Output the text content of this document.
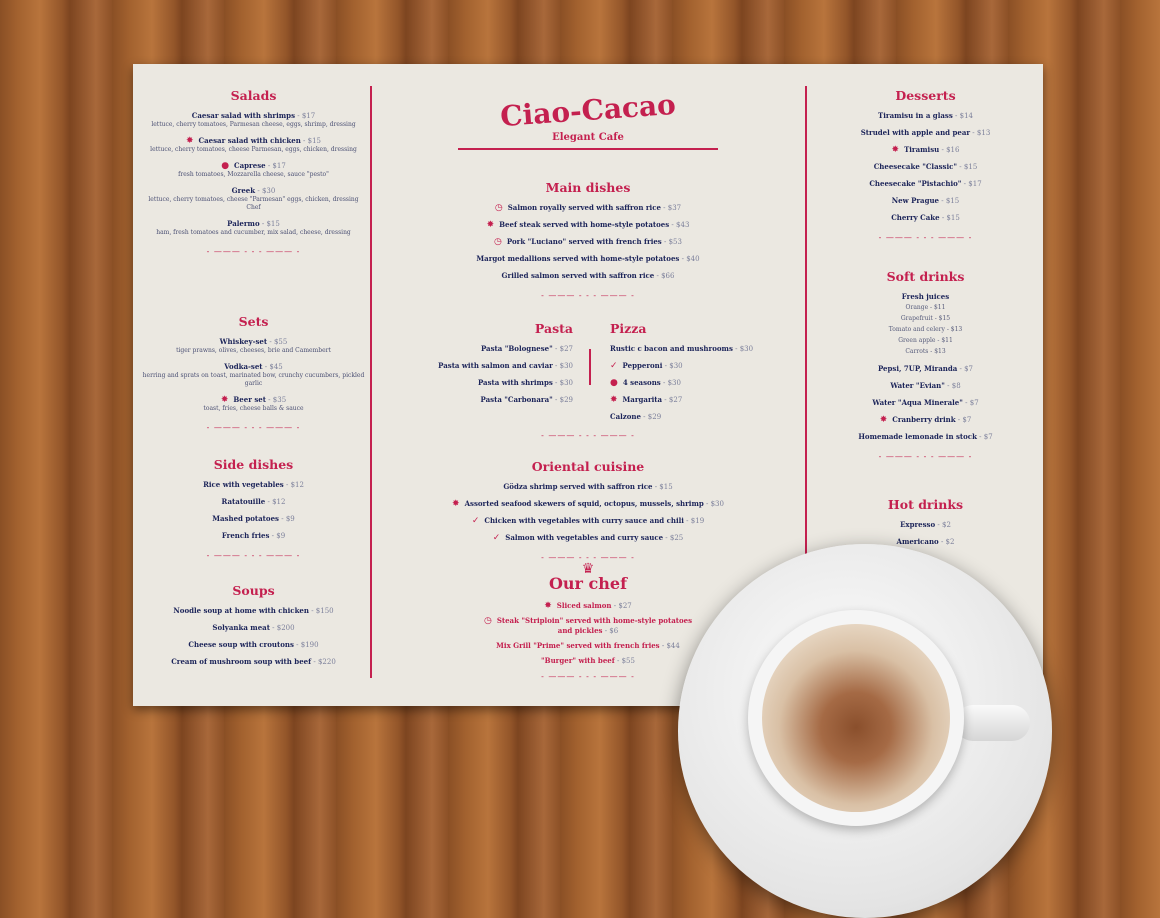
Salads
Caesar salad with shrimps - $17
lettuce, cherry tomatoes, Parmesan cheese, eggs, shrimp, dressing
✸ Caesar salad with chicken - $15
lettuce, cherry tomatoes, cheese Parmesan, eggs, chicken, dressing
● Caprese - $17
fresh tomatoes, Mozzarella cheese, sauce "pesto"
Greek - $30
lettuce, cherry tomatoes, cheese "Parmesan" eggs, chicken, dressing Chef
Palermo - $15
ham, fresh tomatoes and cucumber, mix salad, cheese, dressing
- ——— - - - ——— -
Sets
Whiskey-set - $55
tiger prawns, olives, cheeses, brie and Camembert
Vodka-set - $45
herring and sprats on toast, marinated bow, crunchy cucumbers, pickled garlic
✸ Beer set - $35
toast, fries, cheese balls & sauce
- ——— - - - ——— -
Side dishes
Rice with vegetables - $12
Ratatouille - $12
Mashed potatoes - $9
French fries - $9
- ——— - - - ——— -
Soups
Noodle soup at home with chicken - $150
Solyanka meat - $200
Cheese soup with croutons - $190
Cream of mushroom soup with beef - $220
Ciao-Cacao
Elegant Cafe
Main dishes
◷ Salmon royally served with saffron rice - $37
✸ Beef steak served with home-style potatoes - $43
◷ Pork "Luciano" served with french fries - $53
Margot medallions served with home-style potatoes - $40
Grilled salmon served with saffron rice - $66
- ——— - - - ——— -
Oriental cuisine
Gödza shrimp served with saffron rice - $15
✸ Assorted seafood skewers of squid, octopus, mussels, shrimp - $30
✓ Chicken with vegetables with curry sauce and chili - $19
✓ Salmon with vegetables and curry sauce - $25
- ——— - - - ——— -
Pasta
Pasta "Bolognese" - $27
Pasta with salmon and caviar - $30
Pasta with shrimps - $30
Pasta "Carbonara" - $29
Pizza
Rustic c bacon and mushrooms - $30
✓ Pepperoni - $30
● 4 seasons - $30
✸ Margarita - $27
Calzone - $29
- ——— - - - ——— -
♛
Our chef
✸ Sliced salmon - $27
◷ Steak "Striploin" served with home-style potatoes and pickles - $6
Mix Grill "Prime" served with french fries - $44
"Burger" with beef - $55
- ——— - - - ——— -
Desserts
Tiramisu in a glass - $14
Strudel with apple and pear - $13
✸ Tiramisu - $16
Cheesecake "Classic" - $15
Cheesecake "Pistachio" - $17
New Prague - $15
Cherry Cake - $15
- ——— - - - ——— -
Soft drinks
Fresh juices
Orange - $11
Grapefruit - $15
Tomato and celery - $13
Green apple - $11
Carrots - $13
Pepsi, 7UP, Miranda - $7
Water "Evian" - $8
Water "Aqua Minerale" - $7
✸ Cranberry drink - $7
Homemade lemonade in stock - $7
- ——— - - - ——— -
Hot drinks
Expresso - $2
Americano - $2
